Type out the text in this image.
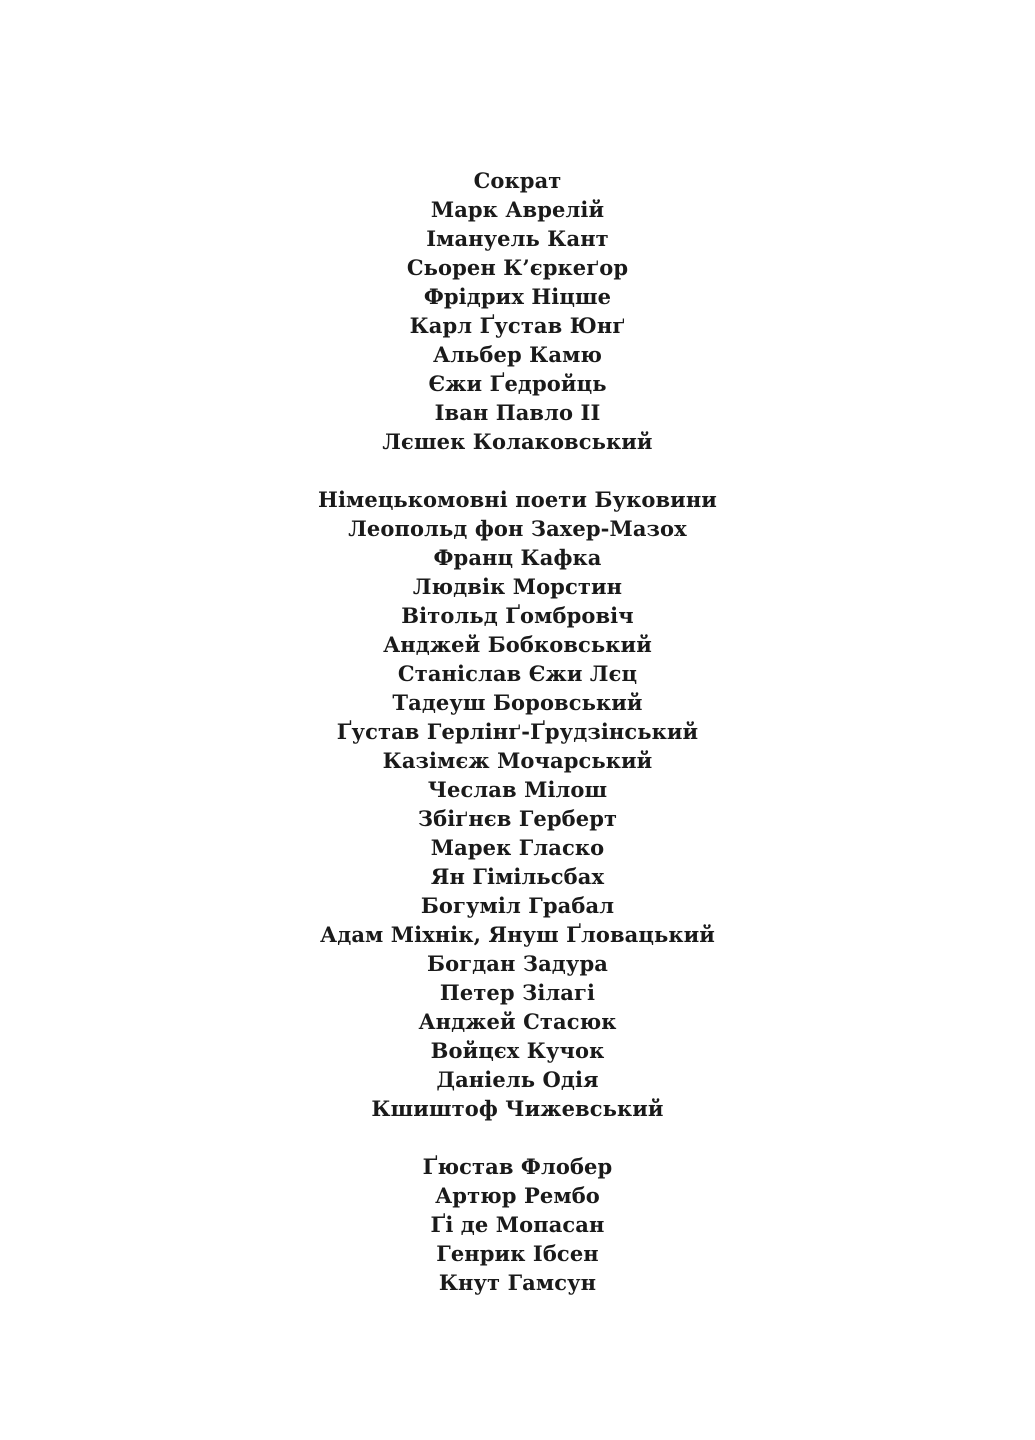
Сократ
Марк Аврелій
Імануель Кант
Сьорен К’єркеґор
Фрідрих Ніцше
Карл Ґустав Юнґ
Альбер Камю
Єжи Ґедройць
Іван Павло II
Лєшек Колаковський
Німецькомовні поети Буковини
Леопольд фон Захер-Мазох
Франц Кафка
Людвік Морстин
Вітольд Ґомбровіч
Анджей Бобковський
Станіслав Єжи Лєц
Тадеуш Боровський
Ґустав Герлінґ-Ґрудзінський
Казімєж Мочарський
Чеслав Мілош
Збіґнєв Герберт
Марек Гласко
Ян Гімільсбах
Богуміл Грабал
Адам Міхнік, Януш Ґловацький
Богдан Задура
Петер Зілагі
Анджей Стасюк
Войцєх Кучок
Даніель Одія
Кшиштоф Чижевський
Ґюстав Флобер
Артюр Рембо
Ґі де Мопасан
Генрик Ібсен
Кнут Гамсун
